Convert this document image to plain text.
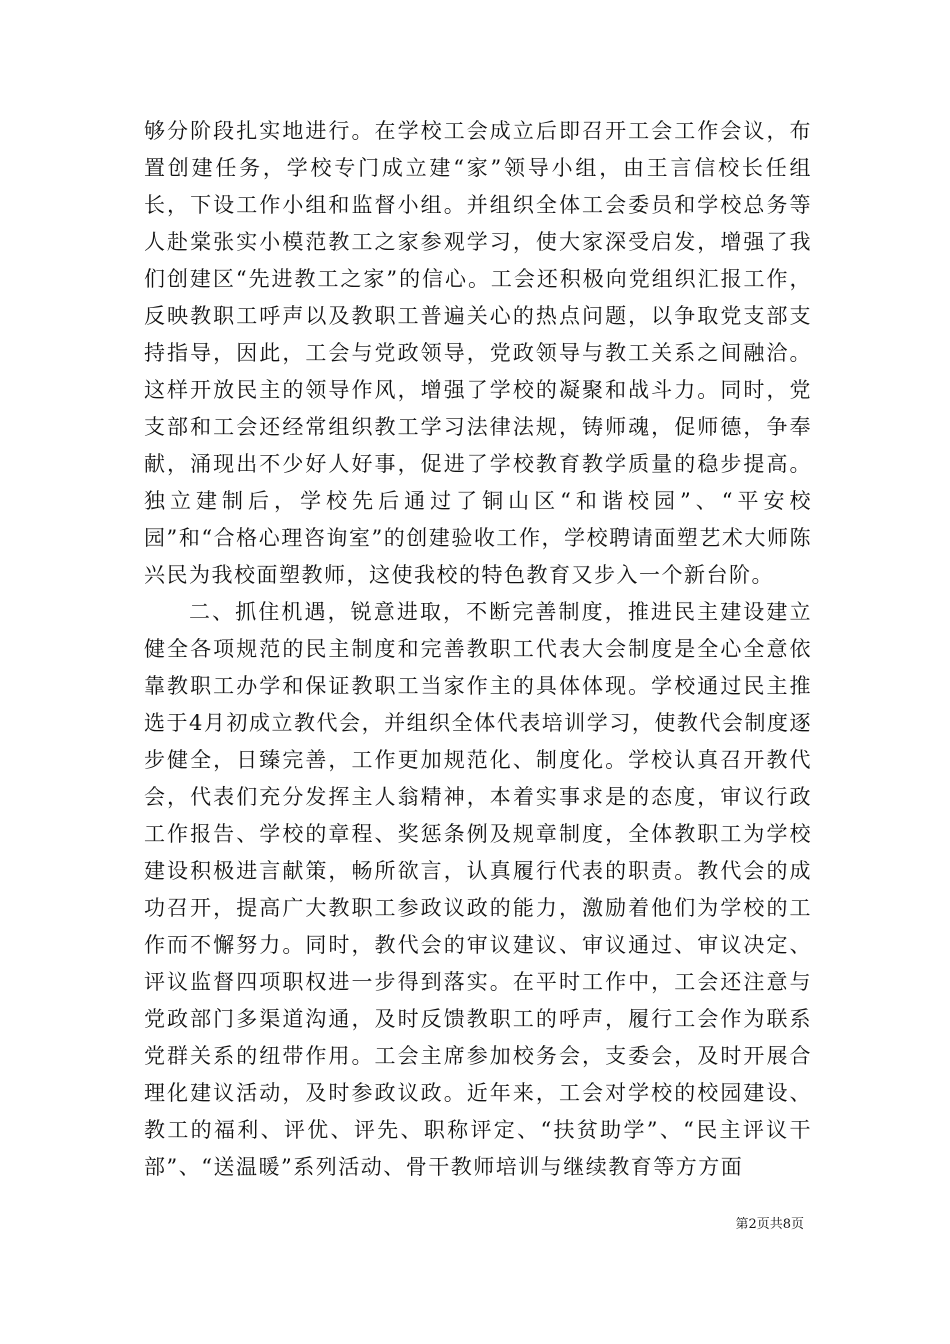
够分阶段扎实地进行。在学校工会成立后即召开工会工作会议，布置创建任务，学校专门成立建“家”领导小组，由王言信校长任组长，下设工作小组和监督小组。并组织全体工会委员和学校总务等人赴棠张实小模范教工之家参观学习，使大家深受启发，增强了我们创建区“先进教工之家”的信心。工会还积极向党组织汇报工作，反映教职工呼声以及教职工普遍关心的热点问题，以争取党支部支持指导，因此，工会与党政领导，党政领导与教工关系之间融洽。这样开放民主的领导作风，增强了学校的凝聚和战斗力。同时，党支部和工会还经常组织教工学习法律法规，铸师魂，促师德，争奉献，涌现出不少好人好事，促进了学校教育教学质量的稳步提高。独立建制后，学校先后通过了铜山区“和谐校园”、“平安校园”和“合格心理咨询室”的创建验收工作，学校聘请面塑艺术大师陈兴民为我校面塑教师，这使我校的特色教育又步入一个新台阶。

二、抓住机遇，锐意进取，不断完善制度，推进民主建设建立健全各项规范的民主制度和完善教职工代表大会制度是全心全意依靠教职工办学和保证教职工当家作主的具体体现。学校通过民主推选于4月初成立教代会，并组织全体代表培训学习，使教代会制度逐步健全，日臻完善，工作更加规范化、制度化。学校认真召开教代会，代表们充分发挥主人翁精神，本着实事求是的态度，审议行政工作报告、学校的章程、奖惩条例及规章制度，全体教职工为学校建设积极进言献策，畅所欲言，认真履行代表的职责。教代会的成功召开，提高广大教职工参政议政的能力，激励着他们为学校的工作而不懈努力。同时，教代会的审议建议、审议通过、审议决定、评议监督四项职权进一步得到落实。在平时工作中，工会还注意与党政部门多渠道沟通，及时反馈教职工的呼声，履行工会作为联系党群关系的纽带作用。工会主席参加校务会，支委会，及时开展合理化建议活动，及时参政议政。近年来，工会对学校的校园建设、教工的福利、评优、评先、职称评定、“扶贫助学”、“民主评议干部”、“送温暖”系列活动、骨干教师培训与继续教育等方方面

第2页共8页
